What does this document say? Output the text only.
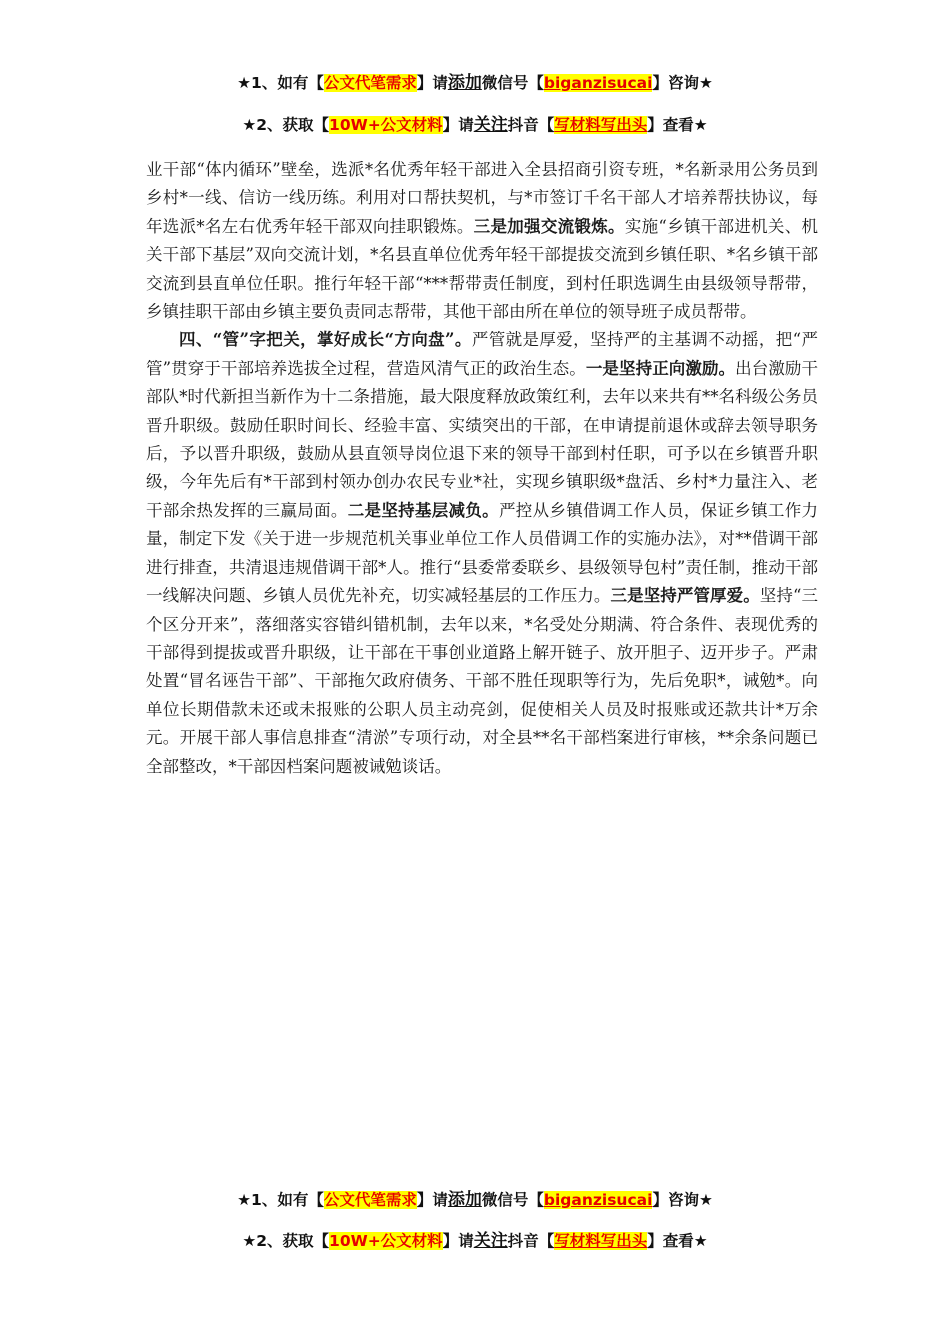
★1、如有【公文代笔需求】请添加微信号【biganzisucai】咨询★
★2、获取【10W+公文材料】请关注抖音【写材料写出头】查看★

业干部“体内循环”壁垒，选派*名优秀年轻干部进入全县招商引资专班，*名新录用公务员到乡村*一线、信访一线历练。利用对口帮扶契机，与*市签订千名干部人才培养帮扶协议，每年选派*名左右优秀年轻干部双向挂职锻炼。三是加强交流锻炼。实施“乡镇干部进机关、机关干部下基层”双向交流计划，*名县直单位优秀年轻干部提拔交流到乡镇任职、*名乡镇干部交流到县直单位任职。推行年轻干部“***帮带责任制度，到村任职选调生由县级领导帮带，乡镇挂职干部由乡镇主要负责同志帮带，其他干部由所在单位的领导班子成员帮带。

四、“管”字把关，掌好成长“方向盘”。严管就是厚爱，坚持严的主基调不动摇，把“严管”贯穿于干部培养选拔全过程，营造风清气正的政治生态。一是坚持正向激励。出台激励干部队*时代新担当新作为十二条措施，最大限度释放政策红利，去年以来共有**名科级公务员晋升职级。鼓励任职时间长、经验丰富、实绩突出的干部，在申请提前退休或辞去领导职务后，予以晋升职级，鼓励从县直领导岗位退下来的领导干部到村任职，可予以在乡镇晋升职级，今年先后有*干部到村领办创办农民专业*社，实现乡镇职级*盘活、乡村*力量注入、老干部余热发挥的三赢局面。二是坚持基层减负。严控从乡镇借调工作人员，保证乡镇工作力量，制定下发《关于进一步规范机关事业单位工作人员借调工作的实施办法》，对**借调干部进行排查，共清退违规借调干部*人。推行“县委常委联乡、县级领导包村”责任制，推动干部一线解决问题、乡镇人员优先补充，切实减轻基层的工作压力。三是坚持严管厚爱。坚持“三个区分开来”，落细落实容错纠错机制，去年以来，*名受处分期满、符合条件、表现优秀的干部得到提拔或晋升职级，让干部在干事创业道路上解开链子、放开胆子、迈开步子。严肃处置“冒名诬告干部”、干部拖欠政府债务、干部不胜任现职等行为，先后免职*，诫勉*。向单位长期借款未还或未报账的公职人员主动亮剑，促使相关人员及时报账或还款共计*万余元。开展干部人事信息排查“清淤”专项行动，对全县**名干部档案进行审核，**余条问题已全部整改，*干部因档案问题被诫勉谈话。

★1、如有【公文代笔需求】请添加微信号【biganzisucai】咨询★
★2、获取【10W+公文材料】请关注抖音【写材料写出头】查看★
